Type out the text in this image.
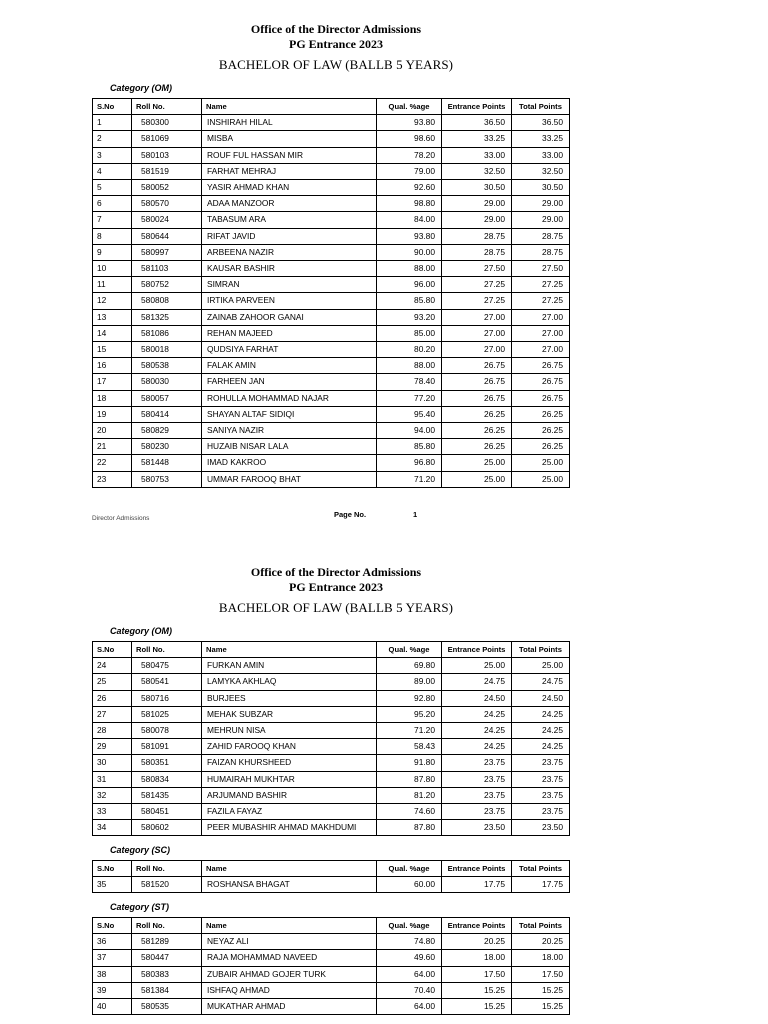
Office of the Director Admissions
PG Entrance 2023
BACHELOR OF LAW (BALLB 5 YEARS)
Category (OM)
S.No	Roll No.	Name	Qual. %age	Entrance Points	Total Points
1	580300	INSHIRAH HILAL	93.80	36.50	36.50
2	581069	MISBA	98.60	33.25	33.25
3	580103	ROUF FUL HASSAN MIR	78.20	33.00	33.00
4	581519	FARHAT MEHRAJ	79.00	32.50	32.50
5	580052	YASIR AHMAD KHAN	92.60	30.50	30.50
6	580570	ADAA MANZOOR	98.80	29.00	29.00
7	580024	TABASUM ARA	84.00	29.00	29.00
8	580644	RIFAT JAVID	93.80	28.75	28.75
9	580997	ARBEENA NAZIR	90.00	28.75	28.75
10	581103	KAUSAR BASHIR	88.00	27.50	27.50
11	580752	SIMRAN	96.00	27.25	27.25
12	580808	IRTIKA PARVEEN	85.80	27.25	27.25
13	581325	ZAINAB ZAHOOR GANAI	93.20	27.00	27.00
14	581086	REHAN MAJEED	85.00	27.00	27.00
15	580018	QUDSIYA FARHAT	80.20	27.00	27.00
16	580538	FALAK AMIN	88.00	26.75	26.75
17	580030	FARHEEN JAN	78.40	26.75	26.75
18	580057	ROHULLA MOHAMMAD NAJAR	77.20	26.75	26.75
19	580414	SHAYAN ALTAF SIDIQI	95.40	26.25	26.25
20	580829	SANIYA NAZIR	94.00	26.25	26.25
21	580230	HUZAIB NISAR LALA	85.80	26.25	26.25
22	581448	IMAD KAKROO	96.80	25.00	25.00
23	580753	UMMAR FAROOQ BHAT	71.20	25.00	25.00
Director Admissions	Page No.	1
Office of the Director Admissions
PG Entrance 2023
BACHELOR OF LAW (BALLB 5 YEARS)
Category (OM)
S.No	Roll No.	Name	Qual. %age	Entrance Points	Total Points
24	580475	FURKAN AMIN	69.80	25.00	25.00
25	580541	LAMYKA AKHLAQ	89.00	24.75	24.75
26	580716	BURJEES	92.80	24.50	24.50
27	581025	MEHAK SUBZAR	95.20	24.25	24.25
28	580078	MEHRUN NISA	71.20	24.25	24.25
29	581091	ZAHID FAROOQ KHAN	58.43	24.25	24.25
30	580351	FAIZAN KHURSHEED	91.80	23.75	23.75
31	580834	HUMAIRAH MUKHTAR	87.80	23.75	23.75
32	581435	ARJUMAND BASHIR	81.20	23.75	23.75
33	580451	FAZILA FAYAZ	74.60	23.75	23.75
34	580602	PEER MUBASHIR AHMAD MAKHDUMI	87.80	23.50	23.50
Category (SC)
S.No	Roll No.	Name	Qual. %age	Entrance Points	Total Points
35	581520	ROSHANSA BHAGAT	60.00	17.75	17.75
Category (ST)
S.No	Roll No.	Name	Qual. %age	Entrance Points	Total Points
36	581289	NEYAZ ALI	74.80	20.25	20.25
37	580447	RAJA MOHAMMAD NAVEED	49.60	18.00	18.00
38	580383	ZUBAIR AHMAD GOJER TURK	64.00	17.50	17.50
39	581384	ISHFAQ AHMAD	70.40	15.25	15.25
40	580535	MUKATHAR AHMAD	64.00	15.25	15.25
